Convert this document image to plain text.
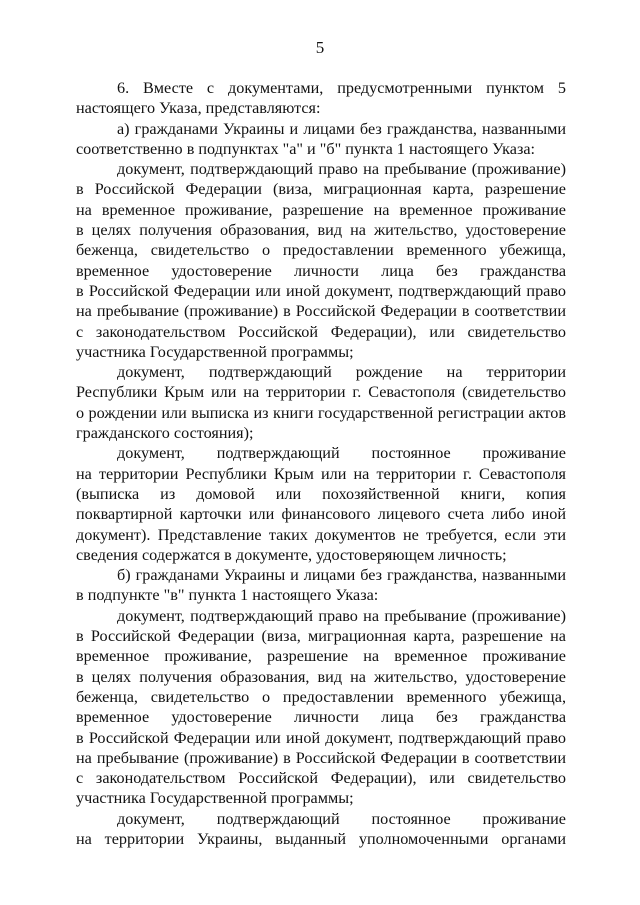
5

6. Вместе с документами, предусмотренными пунктом 5
настоящего Указа, представляются:

а) гражданами Украины и лицами без гражданства, названными
соответственно в подпунктах "а" и "б" пункта 1 настоящего Указа:

документ, подтверждающий право на пребывание (проживание)
в Российской Федерации (виза, миграционная карта, разрешение
на временное проживание, разрешение на временное проживание
в целях получения образования, вид на жительство, удостоверение
беженца, свидетельство о предоставлении временного убежища,
временное удостоверение личности лица без гражданства
в Российской Федерации или иной документ, подтверждающий право
на пребывание (проживание) в Российской Федерации в соответствии
с законодательством Российской Федерации), или свидетельство
участника Государственной программы;

документ, подтверждающий рождение на территории
Республики Крым или на территории г. Севастополя (свидетельство
о рождении или выписка из книги государственной регистрации актов
гражданского состояния);

документ, подтверждающий постоянное проживание
на территории Республики Крым или на территории г. Севастополя
(выписка из домовой или похозяйственной книги, копия
поквартирной карточки или финансового лицевого счета либо иной
документ). Представление таких документов не требуется, если эти
сведения содержатся в документе, удостоверяющем личность;

б) гражданами Украины и лицами без гражданства, названными
в подпункте "в" пункта 1 настоящего Указа:

документ, подтверждающий право на пребывание (проживание)
в Российской Федерации (виза, миграционная карта, разрешение на
временное проживание, разрешение на временное проживание
в целях получения образования, вид на жительство, удостоверение
беженца, свидетельство о предоставлении временного убежища,
временное удостоверение личности лица без гражданства
в Российской Федерации или иной документ, подтверждающий право
на пребывание (проживание) в Российской Федерации в соответствии
с законодательством Российской Федерации), или свидетельство
участника Государственной программы;

документ, подтверждающий постоянное проживание
на территории Украины, выданный уполномоченными органами
